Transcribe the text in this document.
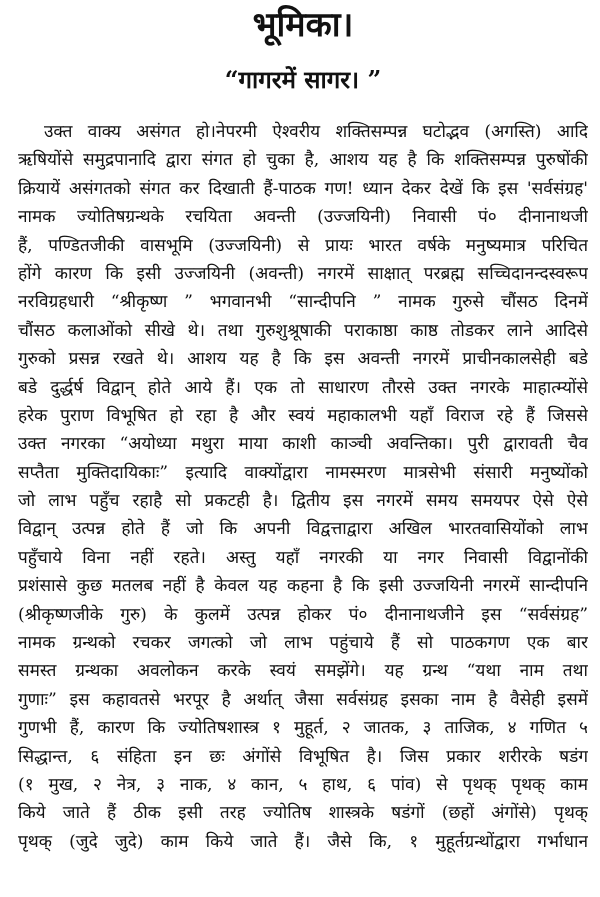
भूमिका।
“गागरमें सागर। ”
उक्त वाक्य असंगत हो।नेपरमी ऐश्वरीय शक्तिसम्पन्न घटोद्भव (अगस्ति) आदि
ऋषियोंसे समुद्रपानादि द्वारा संगत हो चुका है, आशय यह है कि शक्तिसम्पन्न पुरुषोंकी
क्रियायें असंगतको संगत कर दिखाती हैं-पाठक गण! ध्यान देकर देखें कि इस 'सर्वसंग्रह'
नामक ज्योतिषग्रन्थके रचयिता अवन्ती (उज्जयिनी) निवासी पं० दीनानाथजी
हैं, पण्डितजीकी वासभूमि (उज्जयिनी) से प्रायः भारत वर्षके मनुष्यमात्र परिचित
होंगे कारण कि इसी उज्जयिनी (अवन्ती) नगरमें साक्षात् परब्रह्म सच्चिदानन्दस्वरूप
नरविग्रहधारी “श्रीकृष्ण ” भगवानभी “सान्दीपनि ” नामक गुरुसे चौंसठ दिनमें
चौंसठ कलाओंको सीखे थे। तथा गुरुशुश्रूषाकी पराकाष्ठा काष्ठ तोडकर लाने आदिसे
गुरुको प्रसन्न रखते थे। आशय यह है कि इस अवन्ती नगरमें प्राचीनकालसेही बडे
बडे दुर्द्धर्ष विद्वान् होते आये हैं। एक तो साधारण तौरसे उक्त नगरके माहात्म्योंसे
हरेक पुराण विभूषित हो रहा है और स्वयं महाकालभी यहाँ विराज रहे हैं जिससे
उक्त नगरका “अयोध्या मथुरा माया काशी काञ्ची अवन्तिका। पुरी द्वारावती चैव
सप्तैता मुक्तिदायिकाः” इत्यादि वाक्योंद्वारा नामस्मरण मात्रसेभी संसारी मनुष्योंको
जो लाभ पहुँच रहाहै सो प्रकटही है। द्वितीय इस नगरमें समय समयपर ऐसे ऐसे
विद्वान् उत्पन्न होते हैं जो कि अपनी विद्वत्ताद्वारा अखिल भारतवासियोंको लाभ
पहुँचाये विना नहीं रहते। अस्तु यहाँ नगरकी या नगर निवासी विद्वानोंकी
प्रशंसासे कुछ मतलब नहीं है केवल यह कहना है कि इसी उज्जयिनी नगरमें सान्दीपनि
(श्रीकृष्णजीके गुरु) के कुलमें उत्पन्न होकर पं० दीनानाथजीने इस “सर्वसंग्रह”
नामक ग्रन्थको रचकर जगत्को जो लाभ पहुंचाये हैं सो पाठकगण एक बार
समस्त ग्रन्थका अवलोकन करके स्वयं समझेंगे। यह ग्रन्थ “यथा नाम तथा
गुणाः” इस कहावतसे भरपूर है अर्थात् जैसा सर्वसंग्रह इसका नाम है वैसेही इसमें
गुणभी हैं, कारण कि ज्योतिषशास्त्र १ मुहूर्त, २ जातक, ३ ताजिक, ४ गणित ५
सिद्धान्त, ६ संहिता इन छः अंगोंसे विभूषित है। जिस प्रकार शरीरके षडंग
(१ मुख, २ नेत्र, ३ नाक, ४ कान, ५ हाथ, ६ पांव) से पृथक् पृथक् काम
किये जाते हैं ठीक इसी तरह ज्योतिष शास्त्रके षडंगों (छहों अंगोंसे) पृथक्
पृथक् (जुदे जुदे) काम किये जाते हैं। जैसे कि, १ मुहूर्तग्रन्थोंद्वारा गर्भाधान
